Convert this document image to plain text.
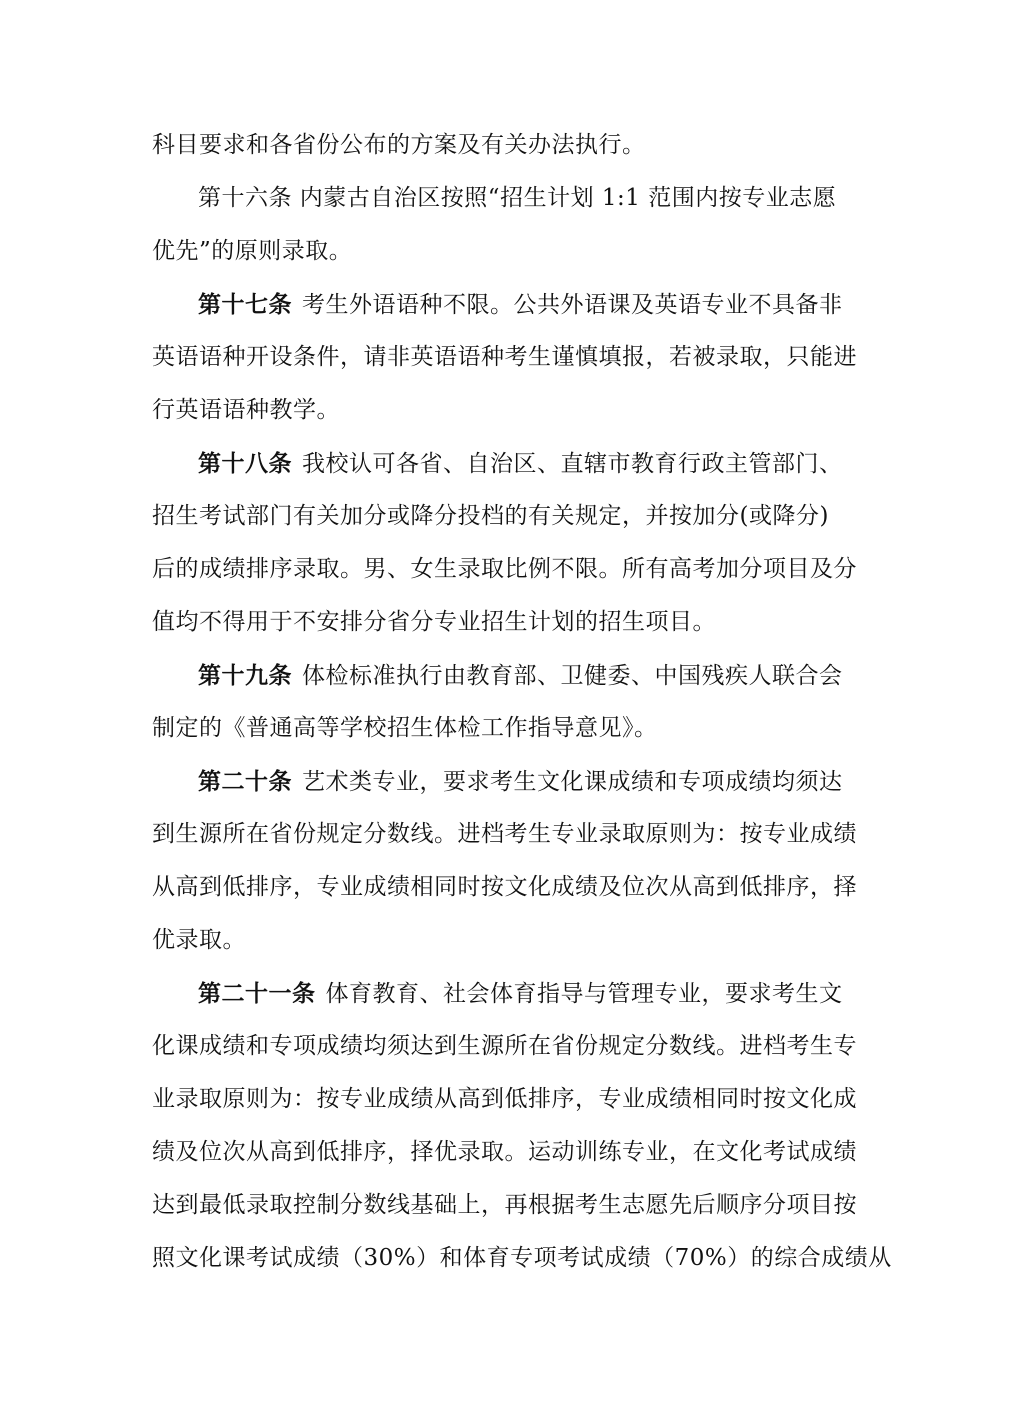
科目要求和各省份公布的方案及有关办法执行。
第十六条 内蒙古自治区按照“招生计划 1:1 范围内按专业志愿
优先”的原则录取。
第十七条 考生外语语种不限。公共外语课及英语专业不具备非
英语语种开设条件，请非英语语种考生谨慎填报，若被录取，只能进
行英语语种教学。
第十八条 我校认可各省、自治区、直辖市教育行政主管部门、
招生考试部门有关加分或降分投档的有关规定，并按加分(或降分)
后的成绩排序录取。男、女生录取比例不限。所有高考加分项目及分
值均不得用于不安排分省分专业招生计划的招生项目。
第十九条 体检标准执行由教育部、卫健委、中国残疾人联合会
制定的《普通高等学校招生体检工作指导意见》。
第二十条 艺术类专业，要求考生文化课成绩和专项成绩均须达
到生源所在省份规定分数线。进档考生专业录取原则为：按专业成绩
从高到低排序，专业成绩相同时按文化成绩及位次从高到低排序，择
优录取。
第二十一条 体育教育、社会体育指导与管理专业，要求考生文
化课成绩和专项成绩均须达到生源所在省份规定分数线。进档考生专
业录取原则为：按专业成绩从高到低排序，专业成绩相同时按文化成
绩及位次从高到低排序，择优录取。运动训练专业，在文化考试成绩
达到最低录取控制分数线基础上，再根据考生志愿先后顺序分项目按
照文化课考试成绩（30%）和体育专项考试成绩（70%）的综合成绩从
